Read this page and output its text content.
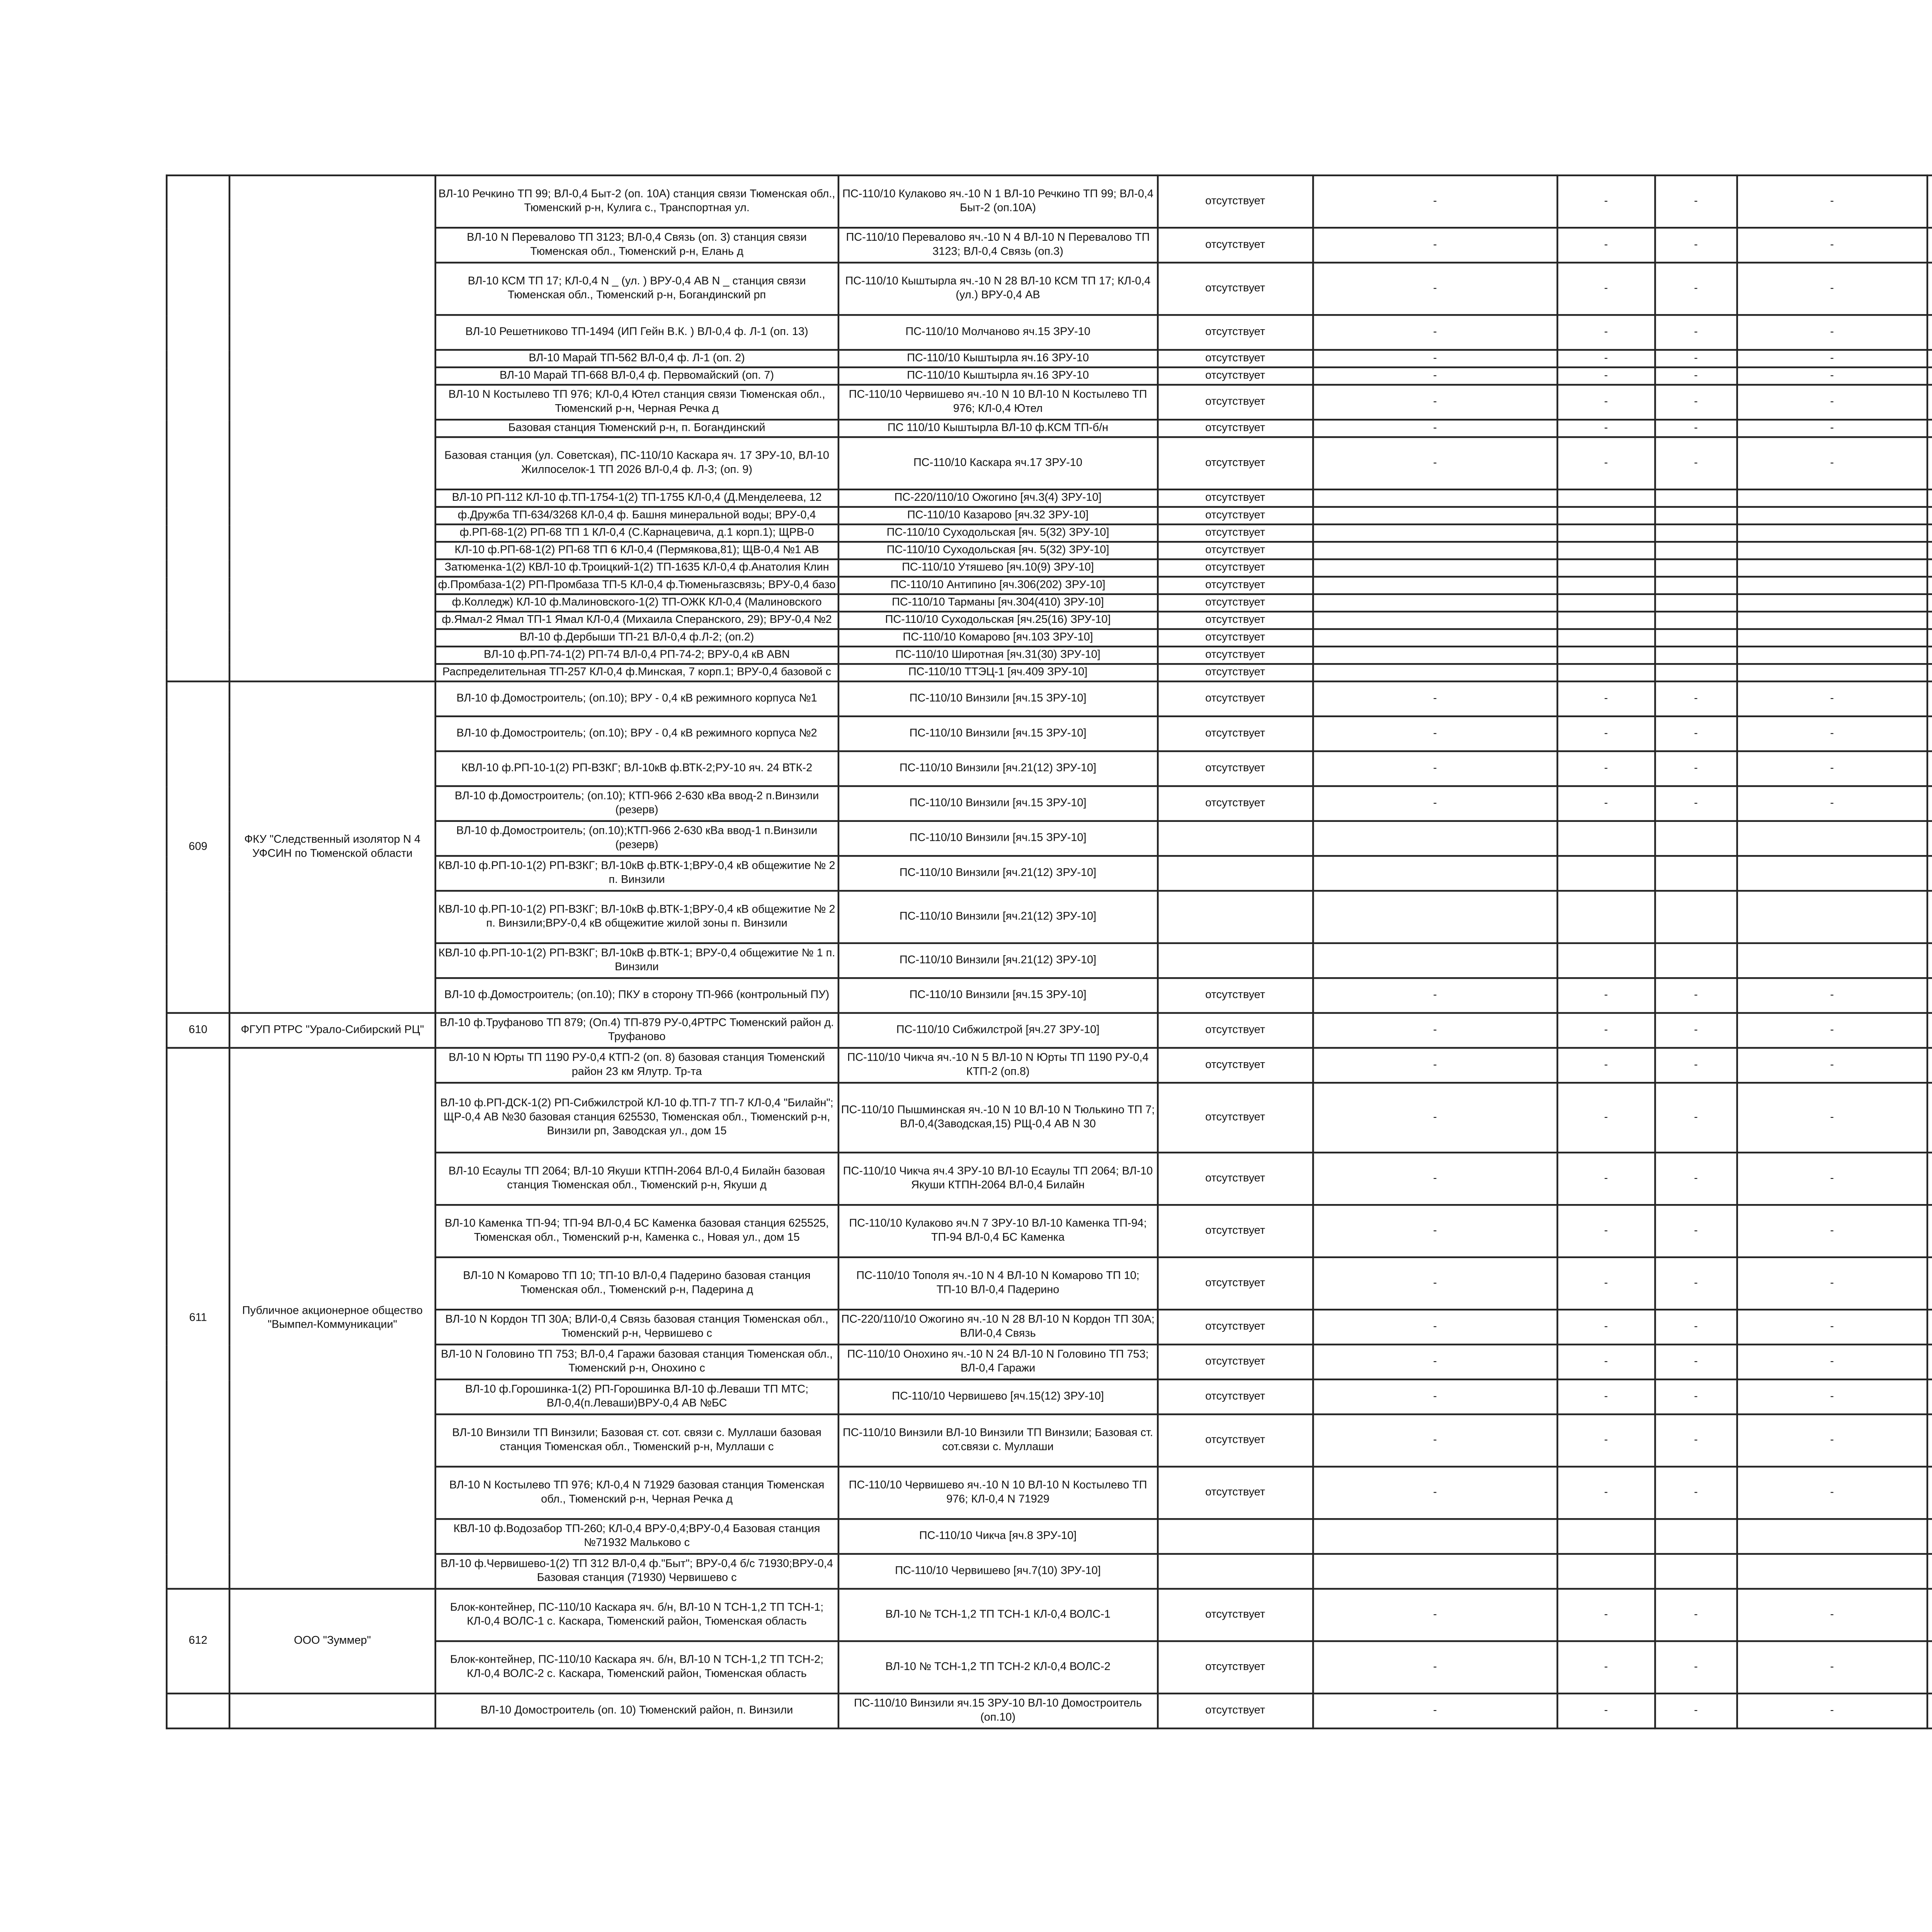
		ВЛ-10 Речкино ТП 99; ВЛ-0,4 Быт-2 (оп. 10А) станция связи Тюменская обл., Тюменский р-н, Кулига с., Транспортная ул.	ПС-110/10 Кулаково яч.-10 N 1 ВЛ-10 Речкино ТП 99; ВЛ-0,4 Быт-2 (оп.10А)	отсутствует	-	-	-	-		
		ВЛ-10 N Перевалово ТП 3123; ВЛ-0,4 Связь (оп. 3) станция связи Тюменская обл., Тюменский р-н, Елань д	ПС-110/10 Перевалово яч.-10 N 4 ВЛ-10 N Перевалово ТП 3123; ВЛ-0,4 Связь (оп.3)	отсутствует	-	-	-	-		
		ВЛ-10 КСМ ТП 17; КЛ-0,4 N _ (ул. ) ВРУ-0,4 АВ N _ станция связи Тюменская обл., Тюменский р-н, Богандинский рп	ПС-110/10 Кыштырла яч.-10 N 28 ВЛ-10 КСМ ТП 17; КЛ-0,4 (ул.) ВРУ-0,4 АВ	отсутствует	-	-	-	-		
		ВЛ-10 Решетниково ТП-1494 (ИП Гейн В.К. ) ВЛ-0,4 ф. Л-1 (оп. 13)	ПС-110/10 Молчаново яч.15 ЗРУ-10	отсутствует	-	-	-	-		
		ВЛ-10 Марай ТП-562 ВЛ-0,4 ф. Л-1 (оп. 2)	ПС-110/10 Кыштырла яч.16 ЗРУ-10	отсутствует	-	-	-	-		
		ВЛ-10 Марай ТП-668 ВЛ-0,4 ф. Первомайский (оп. 7)	ПС-110/10 Кыштырла яч.16 ЗРУ-10	отсутствует	-	-	-	-		
		ВЛ-10 N Костылево ТП 976; КЛ-0,4 Ютел станция связи Тюменская обл., Тюменский р-н, Черная Речка д	ПС-110/10 Червишево яч.-10 N 10 ВЛ-10 N Костылево ТП 976; КЛ-0,4 Ютел	отсутствует	-	-	-	-		
		Базовая станция Тюменский р-н, п. Богандинский	ПС 110/10 Кыштырла ВЛ-10 ф.КСМ ТП-б/н	отсутствует	-	-	-	-		
		Базовая станция (ул. Советская), ПС-110/10 Каскара яч. 17 ЗРУ-10, ВЛ-10 Жилпоселок-1 ТП 2026 ВЛ-0,4 ф. Л-3; (оп. 9)	ПС-110/10 Каскара яч.17 ЗРУ-10	отсутствует	-	-	-	-		
		ВЛ-10 РП-112 КЛ-10 ф.ТП-1754-1(2) ТП-1755 КЛ-0,4 (Д.Менделеева, 12	ПС-220/110/10 Ожогино [яч.3(4) ЗРУ-10]	отсутствует						
		ф.Дружба ТП-634/3268 КЛ-0,4 ф. Башня минеральной воды; ВРУ-0,4	ПС-110/10 Казарово [яч.32 ЗРУ-10]	отсутствует						
		ф.РП-68-1(2) РП-68 ТП 1 КЛ-0,4 (С.Карнацевича, д.1 корп.1); ЩРВ-0	ПС-110/10 Суходольская [яч. 5(32) ЗРУ-10]	отсутствует						
		КЛ-10 ф.РП-68-1(2) РП-68 ТП 6 КЛ-0,4 (Пермякова,81); ЩВ-0,4 №1 АВ	ПС-110/10 Суходольская [яч. 5(32) ЗРУ-10]	отсутствует						
		Затюменка-1(2) КВЛ-10 ф.Троицкий-1(2) ТП-1635 КЛ-0,4 ф.Анатолия Клин	ПС-110/10 Утяшево [яч.10(9) ЗРУ-10]	отсутствует						
		ф.Промбаза-1(2) РП-Промбаза ТП-5 КЛ-0,4 ф.Тюменьгазсвязь; ВРУ-0,4 базо	ПС-110/10 Антипино [яч.306(202) ЗРУ-10]	отсутствует						
		ф.Колледж) КЛ-10 ф.Малиновского-1(2) ТП-ОЖК КЛ-0,4 (Малиновского	ПС-110/10 Тарманы [яч.304(410) ЗРУ-10]	отсутствует						
		ф.Ямал-2 Ямал ТП-1 Ямал КЛ-0,4 (Михаила Сперанского, 29); ВРУ-0,4 №2	ПС-110/10 Суходольская [яч.25(16) ЗРУ-10]	отсутствует						
		ВЛ-10 ф.Дербыши ТП-21 ВЛ-0,4 ф.Л-2; (оп.2)	ПС-110/10 Комарово [яч.103 ЗРУ-10]	отсутствует						
		ВЛ-10 ф.РП-74-1(2) РП-74 ВЛ-0,4 РП-74-2; ВРУ-0,4 кВ АВN	ПС-110/10 Широтная [яч.31(30) ЗРУ-10]	отсутствует						
		Распределительная ТП-257 КЛ-0,4 ф.Минская, 7 корп.1; ВРУ-0,4 базовой с	ПС-110/10 ТТЭЦ-1 [яч.409 ЗРУ-10]	отсутствует						
609	ФКУ "Следственный изолятор N 4 УФСИН по Тюменской области	ВЛ-10 ф.Домостроитель; (оп.10); ВРУ - 0,4 кВ режимного корпуса №1	ПС-110/10 Винзили [яч.15 ЗРУ-10]	отсутствует	-	-	-	-		
		ВЛ-10 ф.Домостроитель; (оп.10); ВРУ - 0,4 кВ режимного корпуса №2	ПС-110/10 Винзили [яч.15 ЗРУ-10]	отсутствует	-	-	-	-		
		КВЛ-10 ф.РП-10-1(2) РП-ВЗКГ; ВЛ-10кВ ф.ВТК-2;РУ-10 яч. 24 ВТК-2	ПС-110/10 Винзили [яч.21(12) ЗРУ-10]	отсутствует	-	-	-	-		
		ВЛ-10 ф.Домостроитель; (оп.10); КТП-966 2-630 кВа ввод-2 п.Винзили (резерв)	ПС-110/10 Винзили [яч.15 ЗРУ-10]	отсутствует	-	-	-	-		
		ВЛ-10 ф.Домостроитель; (оп.10);КТП-966 2-630 кВа ввод-1 п.Винзили (резерв)	ПС-110/10 Винзили [яч.15 ЗРУ-10]							
		КВЛ-10 ф.РП-10-1(2) РП-ВЗКГ; ВЛ-10кВ ф.ВТК-1;ВРУ-0,4 кВ общежитие № 2 п. Винзили	ПС-110/10 Винзили [яч.21(12) ЗРУ-10]							
		КВЛ-10 ф.РП-10-1(2) РП-ВЗКГ; ВЛ-10кВ ф.ВТК-1;ВРУ-0,4 кВ общежитие № 2 п. Винзили;ВРУ-0,4 кВ общежитие жилой зоны п. Винзили	ПС-110/10 Винзили [яч.21(12) ЗРУ-10]							
		КВЛ-10 ф.РП-10-1(2) РП-ВЗКГ; ВЛ-10кВ ф.ВТК-1; ВРУ-0,4 общежитие № 1 п. Винзили	ПС-110/10 Винзили [яч.21(12) ЗРУ-10]							
		ВЛ-10 ф.Домостроитель; (оп.10); ПКУ в сторону ТП-966 (контрольный ПУ)	ПС-110/10 Винзили [яч.15 ЗРУ-10]	отсутствует	-	-	-	-		
610	ФГУП РТРС "Урало-Сибирский РЦ"	ВЛ-10 ф.Труфаново ТП 879; (Оп.4) ТП-879 РУ-0,4РТРС Тюменский район д. Труфаново	ПС-110/10 Сибжилстрой [яч.27 ЗРУ-10]	отсутствует	-	-	-	-		
611	Публичное акционерное общество "Вымпел-Коммуникации"	ВЛ-10 N Юрты ТП 1190 РУ-0,4 КТП-2 (оп. 8) базовая станция Тюменский район 23 км Ялутр. Тр-та	ПС-110/10 Чикча яч.-10 N 5 ВЛ-10 N Юрты ТП 1190 РУ-0,4 КТП-2 (оп.8)	отсутствует	-	-	-	-		
		ВЛ-10 ф.РП-ДСК-1(2) РП-Сибжилстрой КЛ-10 ф.ТП-7 ТП-7 КЛ-0,4 "Билайн"; ЩР-0,4 АВ №30 базовая станция 625530, Тюменская обл., Тюменский р-н, Винзили рп, Заводская ул., дом 15	ПС-110/10 Пышминская яч.-10 N 10 ВЛ-10 N Тюлькино ТП 7; ВЛ-0,4(Заводская,15) РЩ-0,4 АВ N 30	отсутствует	-	-	-	-		
		ВЛ-10 Есаулы ТП 2064; ВЛ-10 Якуши КТПН-2064 ВЛ-0,4 Билайн базовая станция Тюменская обл., Тюменский р-н, Якуши д	ПС-110/10 Чикча яч.4 ЗРУ-10 ВЛ-10 Есаулы ТП 2064; ВЛ-10 Якуши КТПН-2064 ВЛ-0,4 Билайн	отсутствует	-	-	-	-		
		ВЛ-10 Каменка ТП-94; ТП-94 ВЛ-0,4 БС Каменка базовая станция 625525, Тюменская обл., Тюменский р-н, Каменка с., Новая ул., дом 15	ПС-110/10 Кулаково яч.N 7 ЗРУ-10 ВЛ-10 Каменка ТП-94; ТП-94 ВЛ-0,4 БС Каменка	отсутствует	-	-	-	-		
		ВЛ-10 N Комарово ТП 10; ТП-10 ВЛ-0,4 Падерино базовая станция Тюменская обл., Тюменский р-н, Падерина д	ПС-110/10 Тополя яч.-10 N 4 ВЛ-10 N Комарово ТП 10; ТП-10 ВЛ-0,4 Падерино	отсутствует	-	-	-	-		
		ВЛ-10 N Кордон ТП 30А; ВЛИ-0,4 Связь базовая станция Тюменская обл., Тюменский р-н, Червишево с	ПС-220/110/10 Ожогино яч.-10 N 28 ВЛ-10 N Кордон ТП 30А; ВЛИ-0,4 Связь	отсутствует	-	-	-	-		
		ВЛ-10 N Головино ТП 753; ВЛ-0,4 Гаражи базовая станция Тюменская обл., Тюменский р-н, Онохино с	ПС-110/10 Онохино яч.-10 N 24 ВЛ-10 N Головино ТП 753; ВЛ-0,4 Гаражи	отсутствует	-	-	-	-		
		ВЛ-10 ф.Горошинка-1(2) РП-Горошинка ВЛ-10 ф.Леваши ТП МТС; ВЛ-0,4(п.Леваши)ВРУ-0,4 АВ №БС	ПС-110/10 Червишево [яч.15(12) ЗРУ-10]	отсутствует	-	-	-	-		
		ВЛ-10 Винзили ТП Винзили; Базовая ст. сот. связи с. Муллаши базовая станция Тюменская обл., Тюменский р-н, Муллаши с	ПС-110/10 Винзили ВЛ-10 Винзили ТП Винзили; Базовая ст. сот.связи с. Муллаши	отсутствует	-	-	-	-		
		ВЛ-10 N Костылево ТП 976; КЛ-0,4 N 71929 базовая станция Тюменская обл., Тюменский р-н, Черная Речка д	ПС-110/10 Червишево яч.-10 N 10 ВЛ-10 N Костылево ТП 976; КЛ-0,4 N 71929	отсутствует	-	-	-	-		
		КВЛ-10 ф.Водозабор ТП-260; КЛ-0,4 ВРУ-0,4;ВРУ-0,4 Базовая станция №71932 Мальково с	ПС-110/10 Чикча [яч.8 ЗРУ-10]							
		ВЛ-10 ф.Червишево-1(2) ТП 312 ВЛ-0,4 ф."Быт"; ВРУ-0,4 б/с 71930;ВРУ-0,4 Базовая станция (71930) Червишево с	ПС-110/10 Червишево [яч.7(10) ЗРУ-10]							
612	ООО "Зуммер"	Блок-контейнер, ПС-110/10 Каскара яч. б/н, ВЛ-10 N ТСН-1,2 ТП ТСН-1; КЛ-0,4 ВОЛС-1 с. Каскара, Тюменский район, Тюменская область	ВЛ-10 № ТСН-1,2 ТП ТСН-1 КЛ-0,4 ВОЛС-1	отсутствует	-	-	-	-		
		Блок-контейнер, ПС-110/10 Каскара яч. б/н, ВЛ-10 N ТСН-1,2 ТП ТСН-2; КЛ-0,4 ВОЛС-2 с. Каскара, Тюменский район, Тюменская область	ВЛ-10 № ТСН-1,2 ТП ТСН-2 КЛ-0,4 ВОЛС-2	отсутствует	-	-	-	-		
		ВЛ-10 Домостроитель (оп. 10) Тюменский район, п. Винзили	ПС-110/10 Винзили яч.15 ЗРУ-10 ВЛ-10 Домостроитель (оп.10)	отсутствует	-	-	-	-		
